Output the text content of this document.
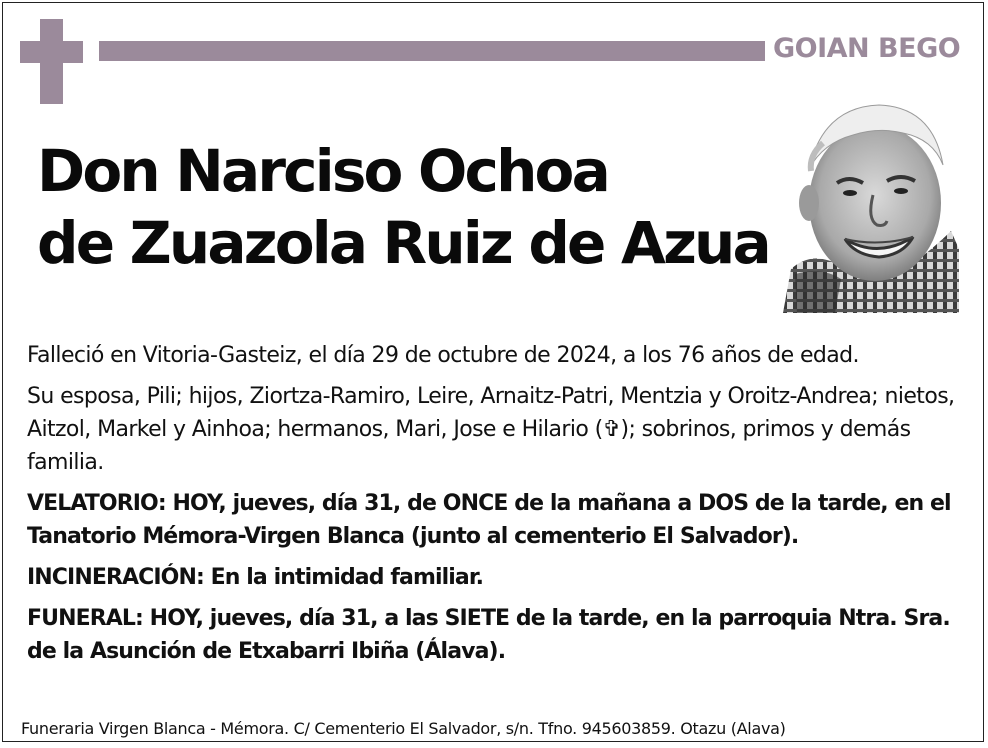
GOIAN BEGO
Don Narciso Ochoa
de Zuazola Ruiz de Azua

Falleció en Vitoria-Gasteiz, el día 29 de octubre de 2024, a los 76 años de edad.

Su esposa, Pili; hijos, Ziortza-Ramiro, Leire, Arnaitz-Patri, Mentzia y Oroitz-Andrea; nietos, Aitzol, Markel y Ainhoa; hermanos, Mari, Jose e Hilario (✞); sobrinos, primos y demás familia.

VELATORIO: HOY, jueves, día 31, de ONCE de la mañana a DOS de la tarde, en el Tanatorio Mémora-Virgen Blanca (junto al cementerio El Salvador).

INCINERACIÓN: En la intimidad familiar.

FUNERAL: HOY, jueves, día 31, a las SIETE de la tarde, en la parroquia Ntra. Sra. de la Asunción de Etxabarri Ibiña (Álava).

Funeraria Virgen Blanca - Mémora. C/ Cementerio El Salvador, s/n. Tfno. 945603859. Otazu (Alava)
